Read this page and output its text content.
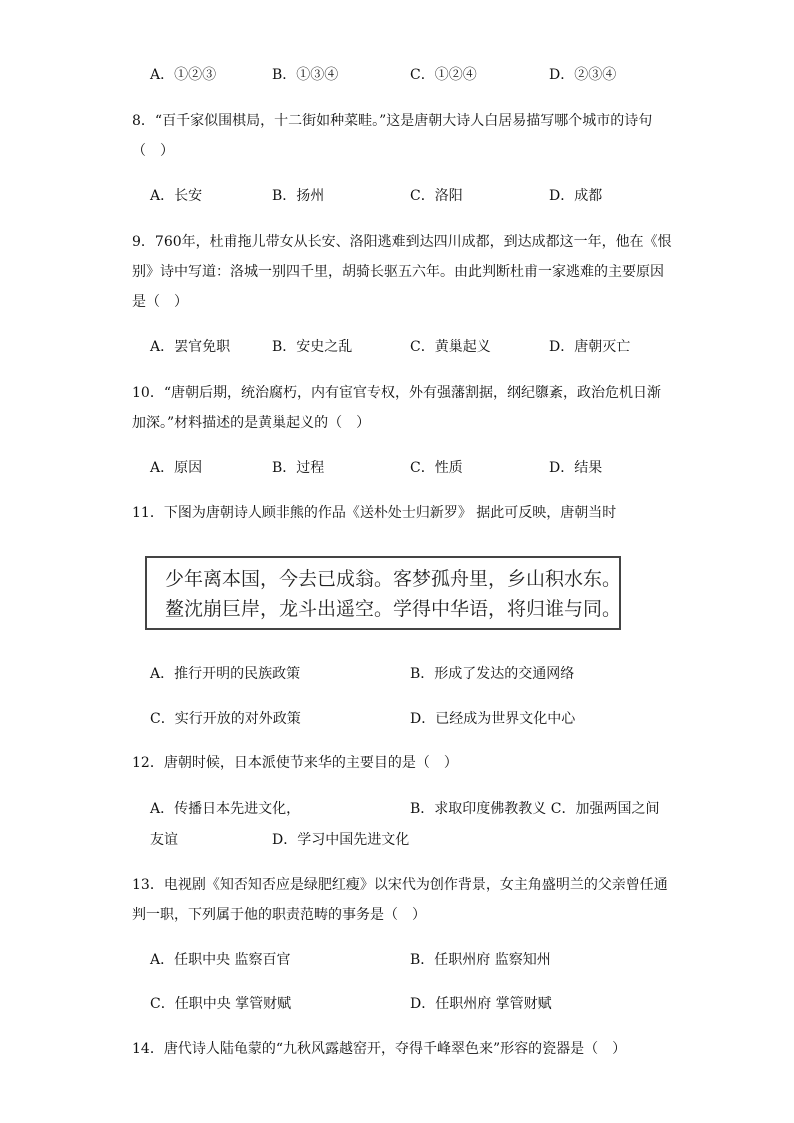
A．①②③	B．①③④	C．①②④	D．②③④
8．“百千家似围棋局，十二街如种菜畦。”这是唐朝大诗人白居易描写哪个城市的诗句
（　）
A．长安	B．扬州	C．洛阳	D．成都
9．760年，杜甫拖儿带女从长安、洛阳逃难到达四川成都，到达成都这一年，他在《恨
别》诗中写道：洛城一别四千里，胡骑长驱五六年。由此判断杜甫一家逃难的主要原因
是（　）
A．罢官免职	B．安史之乱	C．黄巢起义	D．唐朝灭亡
10．“唐朝后期，统治腐朽，内有宦官专权，外有强藩割据，纲纪隳紊，政治危机日渐
加深。”材料描述的是黄巢起义的（　）
A．原因	B．过程	C．性质	D．结果
11．下图为唐朝诗人顾非熊的作品《送朴处士归新罗》 据此可反映，唐朝当时
少年离本国，今去已成翁。客梦孤舟里，乡山积水东。
鳌沈崩巨岸，龙斗出遥空。学得中华语，将归谁与同。
A．推行开明的民族政策	B．形成了发达的交通网络
C．实行开放的对外政策	D．已经成为世界文化中心
12．唐朝时候，日本派使节来华的主要目的是（　）
A．传播日本先进文化，	B．求取印度佛教教义 C．加强两国之间
友谊	D．学习中国先进文化
13．电视剧《知否知否应是绿肥红瘦》以宋代为创作背景，女主角盛明兰的父亲曾任通
判一职，下列属于他的职责范畴的事务是（　）
A．任职中央 监察百官	B．任职州府 监察知州
C．任职中央 掌管财赋	D．任职州府 掌管财赋
14．唐代诗人陆龟蒙的“九秋风露越窑开，夺得千峰翠色来”形容的瓷器是（　）
